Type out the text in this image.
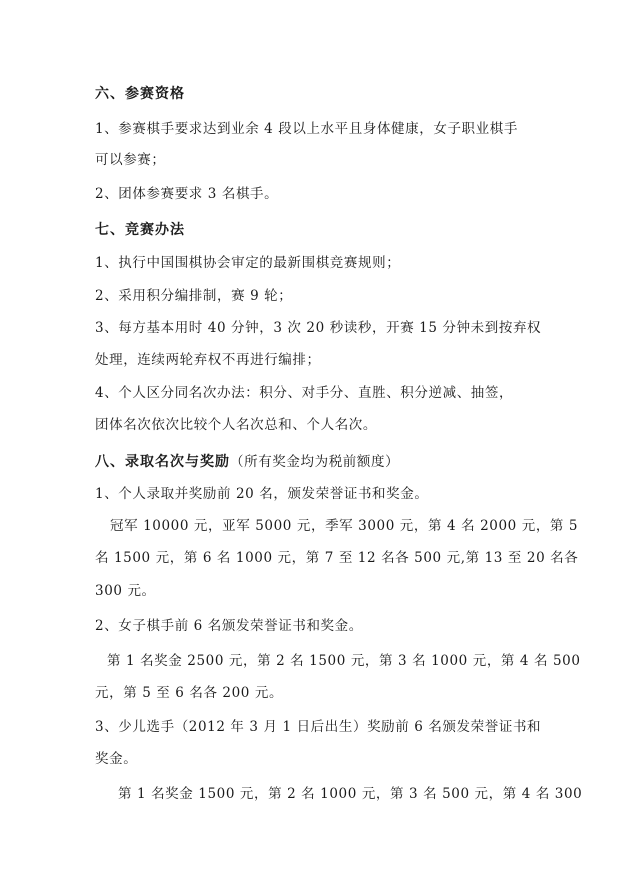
六、参赛资格
1、参赛棋手要求达到业余 4 段以上水平且身体健康，女子职业棋手
可以参赛；
2、团体参赛要求 3 名棋手。
七、竞赛办法
1、执行中国围棋协会审定的最新围棋竞赛规则；
2、采用积分编排制，赛 9 轮；
3、每方基本用时 40 分钟，3 次 20 秒读秒，开赛 15 分钟未到按弃权
处理，连续两轮弃权不再进行编排；
4、个人区分同名次办法：积分、对手分、直胜、积分逆减、抽签，
团体名次依次比较个人名次总和、个人名次。
八、录取名次与奖励（所有奖金均为税前额度）
1、个人录取并奖励前 20 名，颁发荣誉证书和奖金。
冠军 10000 元，亚军 5000 元，季军 3000 元，第 4 名 2000 元，第 5
名 1500 元，第 6 名 1000 元，第 7 至 12 名各 500 元,第 13 至 20 名各
300 元。
2、女子棋手前 6 名颁发荣誉证书和奖金。
第 1 名奖金 2500 元，第 2 名 1500 元，第 3 名 1000 元，第 4 名 500
元，第 5 至 6 名各 200 元。
3、少儿选手（2012 年 3 月 1 日后出生）奖励前 6 名颁发荣誉证书和
奖金。
第 1 名奖金 1500 元，第 2 名 1000 元，第 3 名 500 元，第 4 名 300
